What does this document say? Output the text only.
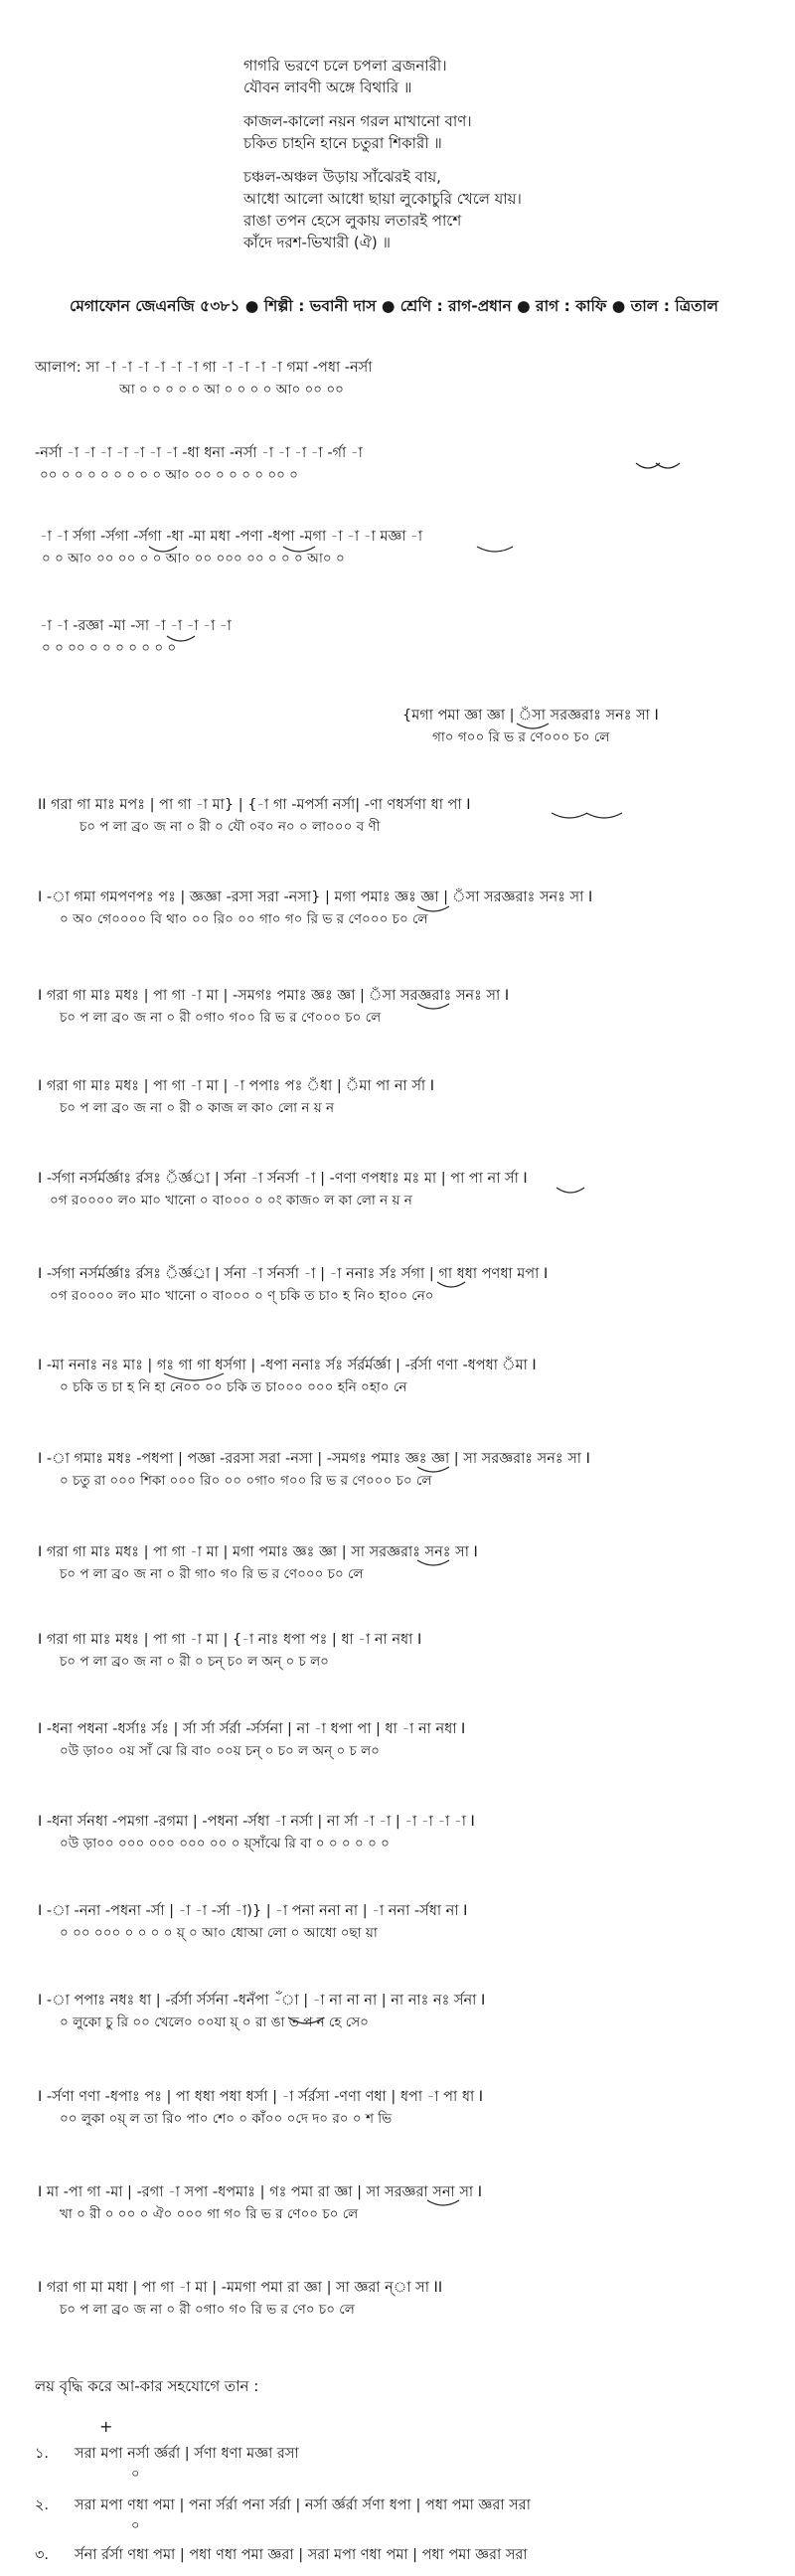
গাগরি ভরণে চলে চপলা ব্রজনারী।
যৌবন লাবণী অঙ্গে বিথারি ॥
কাজল-কালো নয়ন গরল মাখানো বাণ।
চকিত চাহনি হানে চতুরা শিকারী ॥
চঞ্চল-অঞ্চল উড়ায় সাঁঝেরই বায়,
আধো আলো আধো ছায়া লুকোচুরি খেলে যায়।
রাঙা তপন হেসে লুকায় লতারই পাশে
কাঁদে দরশ-ভিখারী (ঐ) ॥
মেগাফোন জেএনজি ৫৩৮১ ● শিল্পী : ভবানী দাস ● শ্রেণি : রাগ-প্রধান ● রাগ : কাফি ● তাল : ত্রিতাল
আলাপ: সা -া -া -া -া -া -া গা -া -া -া -া গমা -পধা -নর্সা
আ ০ ০ ০ ০ ০ আ ০ ০ ০ ০ আ০ ০০ ০০
-নর্সা -া -া -া -া -া -া -া -ধা ধনা -নর্সা -া -া -া -া -র্গা -া
০০ ০ ০ ০ ০ ০ ০ ০ ০ আ০ ০০ ০ ০ ০ ০ ০০ ০
-া -া র্সগা -র্সগা -র্সগা -ধা -মা মধা -পণা -ধপা -মগা -া -া -া মজ্ঞা -া
০ ০ আ০ ০০ ০০ ০ ০ আ০ ০০ ০০০ ০০ ০ ০ ০ আ০ ০
-া -া -রজ্ঞা -মা -সা -া -া -া -া -া
০ ০ ০০ ০ ০ ০ ০ ০ ০ ০
{মগা পমা জ্ঞা জ্ঞা | ঁসা সরজ্ঞরাঃ সনঃ সা I
গা০ গ০০ রি ভ র ণে০০০ চ০ লে
II গরা গা মাঃ মপঃ | পা গা -া মা} | {-া গা -মপর্সা নর্সা| -ণা ণধর্সণা ধা পা I
চ০ প লা ব্র০ জ না ০ রী ০ যৌ ০ব০ ন০ ০ লা০০০ ব ণী
I -া গমা গমপণপঃ পঃ | জ্ঞজ্ঞা -রসা সরা -নসা} | মগা পমাঃ জ্ঞঃ জ্ঞা | ঁসা সরজ্ঞরাঃ সনঃ সা I
০ অ০ গে০০০০ বি থা০ ০০ রি০ ০০ গা০ গ০ রি ভ র ণে০০০ চ০ লে
I গরা গা মাঃ মধঃ | পা গা -া মা | -সমগঃ পমাঃ জ্ঞঃ জ্ঞা | ঁসা সরজ্ঞরাঃ সনঃ সা I
চ০ প লা ব্র০ জ না ০ রী ০গা০ গ০০ রি ভ র ণে০০০ চ০ লে
I গরা গা মাঃ মধঃ | পা গা -া মা | -া পপাঃ পঃ ঁধা | ঁমা পা না র্সা I
চ০ প লা ব্র০ জ না ০ রী ০ কাজ ল কা০ লো ন য় ন
I -র্সগা নর্সর্মর্জ্ঞাঃ র্রসঃ ঁর্জ্ঞর্া | র্সনা -া র্সনর্সা -া | -ণণা ণপধাঃ মঃ মা | পা পা না র্সা I
০গ র০০০০ ল০ মা০ খানো ০ বা০০০ ০ ০ং কাজ০ ল কা লো ন য় ন
I -র্সগা নর্সর্মর্জ্ঞাঃ র্রসঃ ঁর্জ্ঞর্া | র্সনা -া র্সনর্সা -া | -া ননাঃ র্সঃ র্সগা | গা ধধা পণধা মপা I
০গ র০০০০ ল০ মা০ খানো ০ বা০০০ ০ ণ্‌ চকি ত চা০ হ নি০ হা০০ নে০
I -মা ননাঃ নঃ মাঃ | গঃ গা গা ধর্সগা | -ধপা ননাঃ র্সঃ র্সর্রর্মর্জ্ঞা | -র্রর্সা ণণা -ধপধা ঁমা I
০ চকি ত চা হ নি হা নে০০ ০০ চকি ত চা০০০ ০০০ হনি ০হা০ নে
I -া গমাঃ মধঃ -পধপা | পজ্ঞা -ররসা সরা -নসা | -সমগঃ পমাঃ জ্ঞঃ জ্ঞা | সা সরজ্ঞরাঃ সনঃ সা I
০ চতু রা ০০০ শিকা ০০০ রি০ ০০ ০গা০ গ০০ রি ভ র ণে০০০ চ০ লে
I গরা গা মাঃ মধঃ | পা গা -া মা | মগা পমাঃ জ্ঞঃ জ্ঞা | সা সরজ্ঞরাঃ সনঃ সা I
চ০ প লা ব্র০ জ না ০ রী গা০ গ০ রি ভ র ণে০০০ চ০ লে
I গরা গা মাঃ মধঃ | পা গা -া মা | {-া নাঃ ধপা পঃ | ধা -া না নধা I
চ০ প লা ব্র০ জ না ০ রী ০ চন্‌ চ০ ল অন্‌ ০ চ ল০
I -ধনা পধনা -ধর্সাঃ র্সঃ | র্সা র্সা র্সর্রা -র্সর্সনা | না -া ধপা পা | ধা -া না নধা I
০উ ড়া০০ ০য় সাঁ ঝে রি বা০ ০০য় চন্‌ ০ চ০ ল অন্‌ ০ চ ল০
I -ধনা র্সনধা -পমগা -রগমা | -পধনা -র্সধা -া নর্সা | না র্সা -া -া | -া -া -া -া I
০উ ড়া০০ ০০০ ০০০ ০০০ ০০ ০ য়্‌সাঁঝে রি বা ০ ০ ০ ০ ০ ০
I -া -ননা -পধনা -র্সা | -া -া -র্সা -া)} | -া পনা ননা না | -া ননা -র্সধা না I
০ ০০ ০০০ ০ ০ ০ ০ য়্‌ ০ আ০ ধোআ লো ০ আধো ০ছা য়া
I -া পপাঃ নধঃ ধা | -র্রর্সা র্সর্সনা -ধনঁপা -ঁা | -া না না না | না নাঃ নঃ র্সনা I
০ লুকো চু রি ০০ খেলে০ ০০যা য়্‌ ০ রা ঙা ত প ন হে সে০
I -র্সণা ণণা -ধপাঃ পঃ | পা ধধা পধা ধর্সা | -া র্সর্রসা -ণণা ণধা | ধপা -া পা ধা I
০০ লুকা ০য়্‌ ল তা রি০ পা০ শে০ ০ কাঁ০০ ০দে দ০ র০ ০ শ ভি
I মা -পা গা -মা | -রগা -া সপা -ধপমাঃ | গঃ পমা রা জ্ঞা | সা সরজ্ঞরা সনা সা I
খা ০ রী ০ ০০ ০ ঐ০ ০০০ গা গ০ রি ভ র ণে০০ চ০ লে
I গরা গা মা মধা | পা গা -া মা | -মমগা পমা রা জ্ঞা | সা জ্ঞরা ন্‌া সা II
চ০ প লা ব্র০ জ না ০ রী ০গা০ গ০ রি ভ র ণে০ চ০ লে
লয় বৃদ্ধি করে আ-কার সহযোগে তান :
+
১. সরা মপা নর্সা র্জ্ঞর্রা | র্সণা ধণা মজ্ঞা রসা
০
২. সরা মপা ণধা পমা | পনা র্সর্রা পনা র্সর্রা | নর্সা র্জ্ঞর্রা র্সণা ধপা | পধা পমা জ্ঞরা সরা
০
৩. র্সনা র্রর্সা ণধা পমা | পধা ণধা পমা জ্ঞরা | সরা মপা ণধা পমা | পধা পমা জ্ঞরা সরা
